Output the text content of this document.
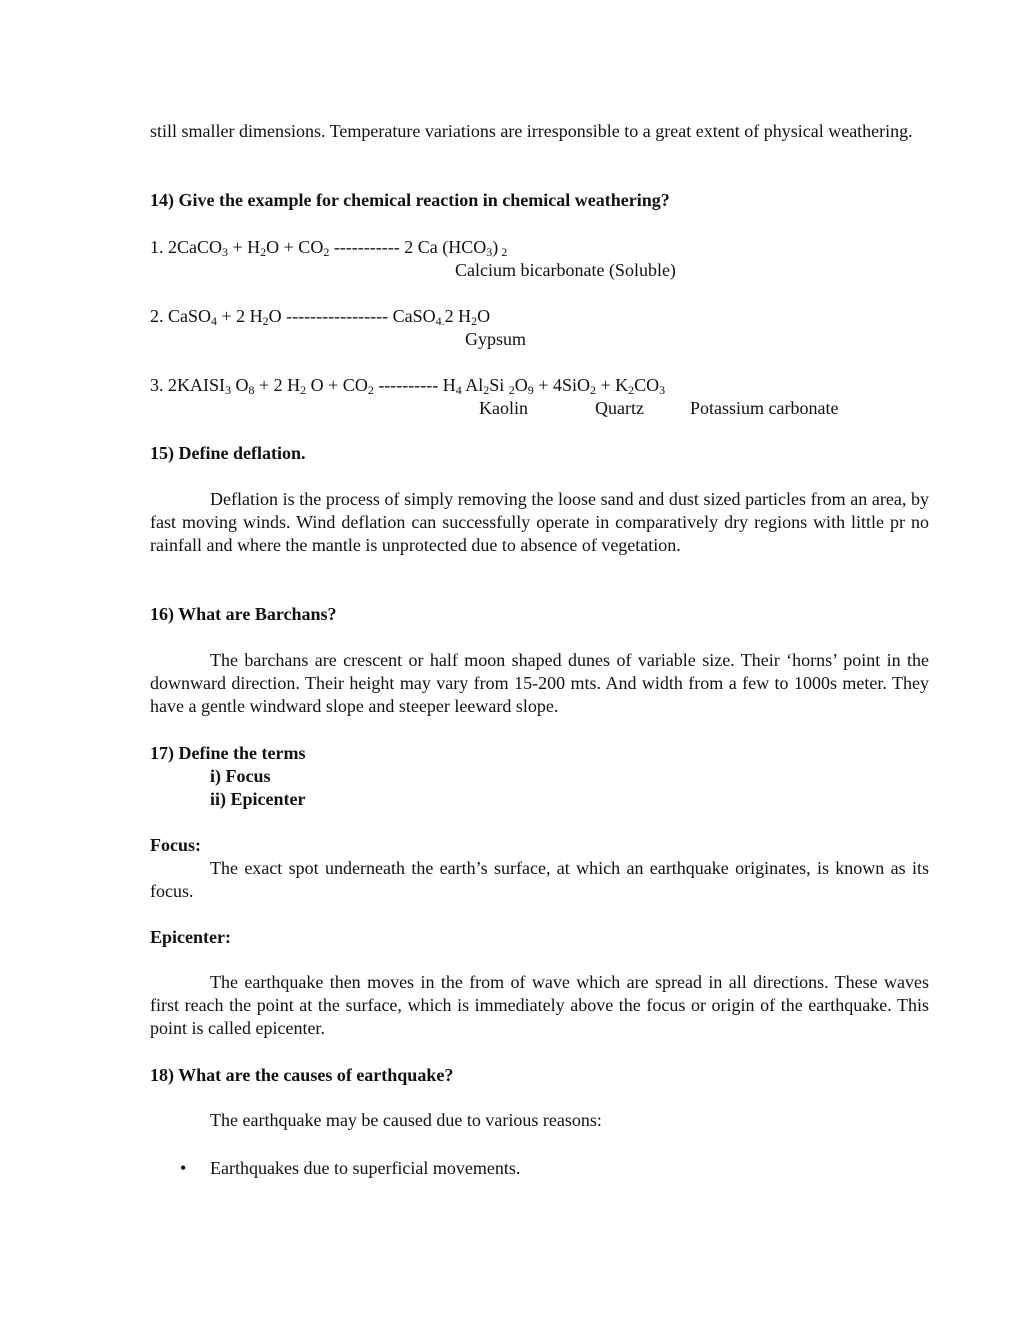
still smaller dimensions. Temperature variations are irresponsible to a great extent of physical weathering.
14) Give the example for chemical reaction in chemical weathering?
1. 2CaCO$_3$ + $H_2O + CO_2$ ----------- 2 Ca $(HCO_3)$ $_2$
Calcium bicarbonate (Soluble)
2. CaSO$_4$ + 2 $H_2O$ ----------------- CaSO$_{4.}$2 $H_2O$
Gypsum
3. $2KAISI_3$ $O_8 + 2$ $H_2$ $O + CO_2$ ---------- $H_4$ $Al_2Si$ $_2O_9 + 4SiO_2 + K_2CO_3$
Kaolin	Quartz	Potassium carbonate
15) Define deflation.
Deflation is the process of simply removing the loose sand and dust sized particles from an area, by fast moving winds. Wind deflation can successfully operate in comparatively dry regions with little pr no rainfall and where the mantle is unprotected due to absence of vegetation.
16) What are Barchans?
The barchans are crescent or half moon shaped dunes of variable size. Their ‘horns’ point in the downward direction. Their height may vary from 15-200 mts. And width from a few to 1000s meter. They have a gentle windward slope and steeper leeward slope.
17) Define the terms
i) Focus
ii) Epicenter
Focus:
The exact spot underneath the earth’s surface, at which an earthquake originates, is known as its focus.
Epicenter:
The earthquake then moves in the from of wave which are spread in all directions. These waves first reach the point at the surface, which is immediately above the focus or origin of the earthquake. This point is called epicenter.
18) What are the causes of earthquake?
The earthquake may be caused due to various reasons:
• Earthquakes due to superficial movements.
